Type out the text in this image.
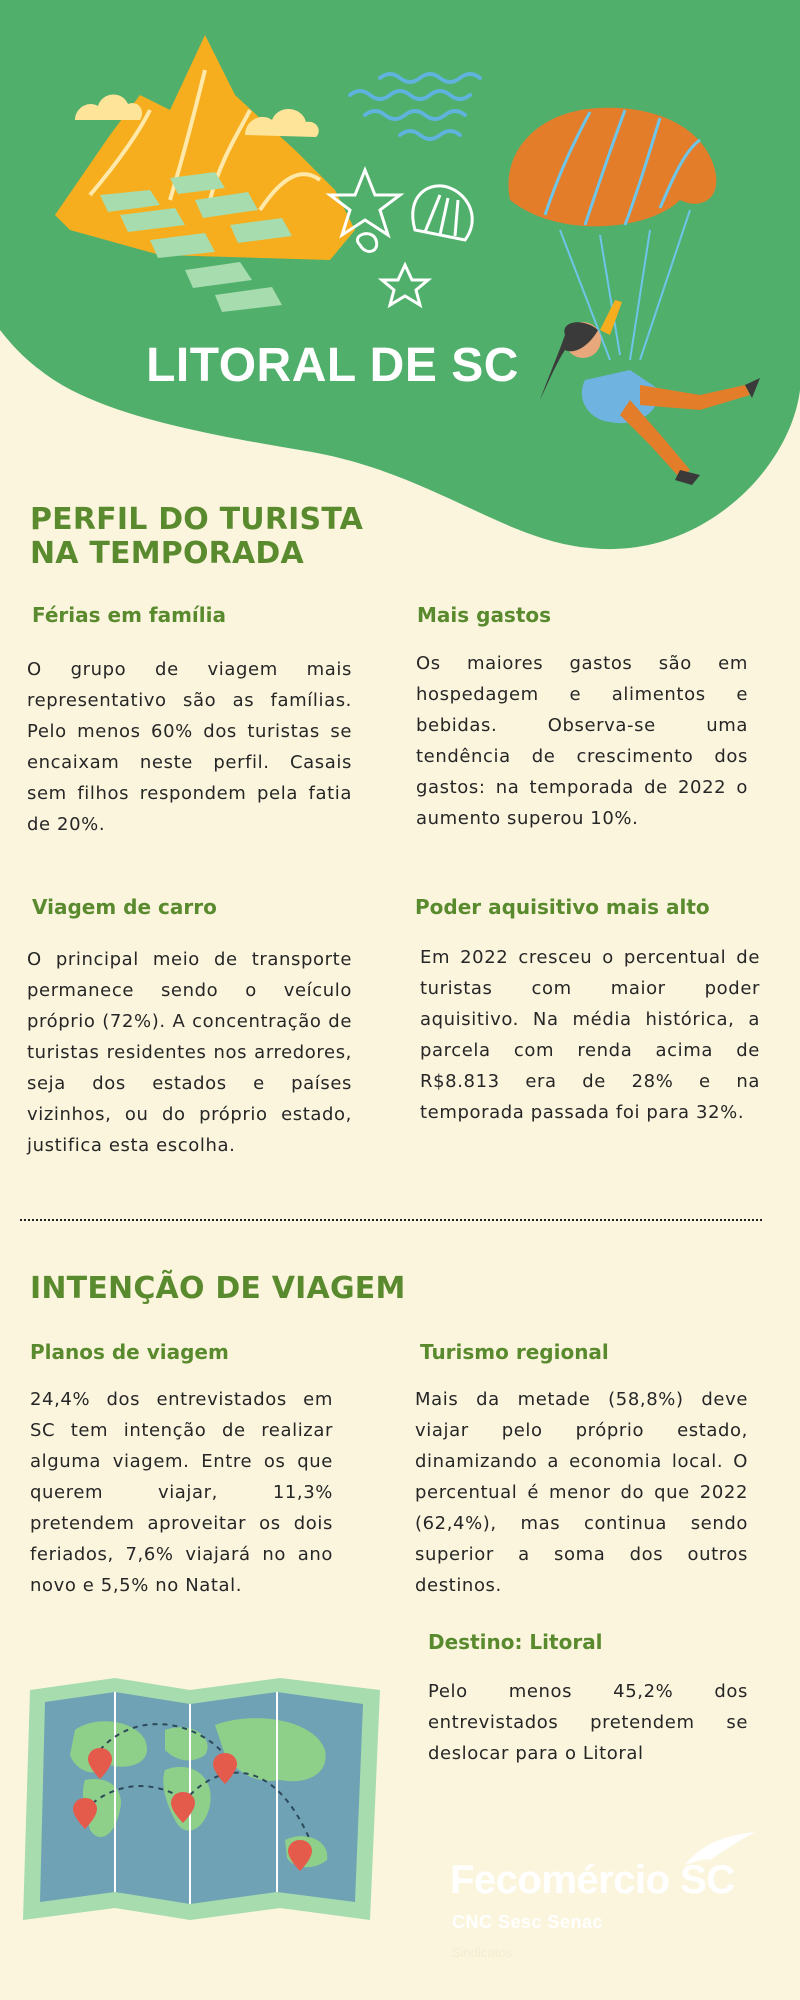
LITORAL DE SC
PERFIL DO TURISTA
NA TEMPORADA
Férias em família
O grupo de viagem mais representativo são as famílias. Pelo menos 60% dos turistas se encaixam neste perfil. Casais sem filhos respondem pela fatia de 20%.
Mais gastos
Os maiores gastos são em hospedagem e alimentos e bebidas. Observa-se uma tendência de crescimento dos gastos: na temporada de 2022 o aumento superou 10%.
Viagem de carro
O principal meio de transporte permanece sendo o veículo próprio (72%). A concentração de turistas residentes nos arredores, seja dos estados e países vizinhos, ou do próprio estado, justifica esta escolha.
Poder aquisitivo mais alto
Em 2022 cresceu o percentual de turistas com maior poder aquisitivo. Na média histórica, a parcela com renda acima de R$8.813 era de 28% e na temporada passada foi para 32%.
INTENÇÃO DE VIAGEM
Planos de viagem
24,4% dos entrevistados em SC tem intenção de realizar alguma viagem. Entre os que querem viajar, 11,3% pretendem aproveitar os dois feriados, 7,6% viajará no ano novo e 5,5% no Natal.
Turismo regional
Mais da metade (58,8%) deve viajar pelo próprio estado, dinamizando a economia local. O percentual é menor do que 2022 (62,4%), mas continua sendo superior a soma dos outros destinos.
Destino: Litoral
Pelo menos 45,2% dos entrevistados pretendem se deslocar para o Litoral
Fecomércio SC
CNC Sesc Senac
Sindicatos
